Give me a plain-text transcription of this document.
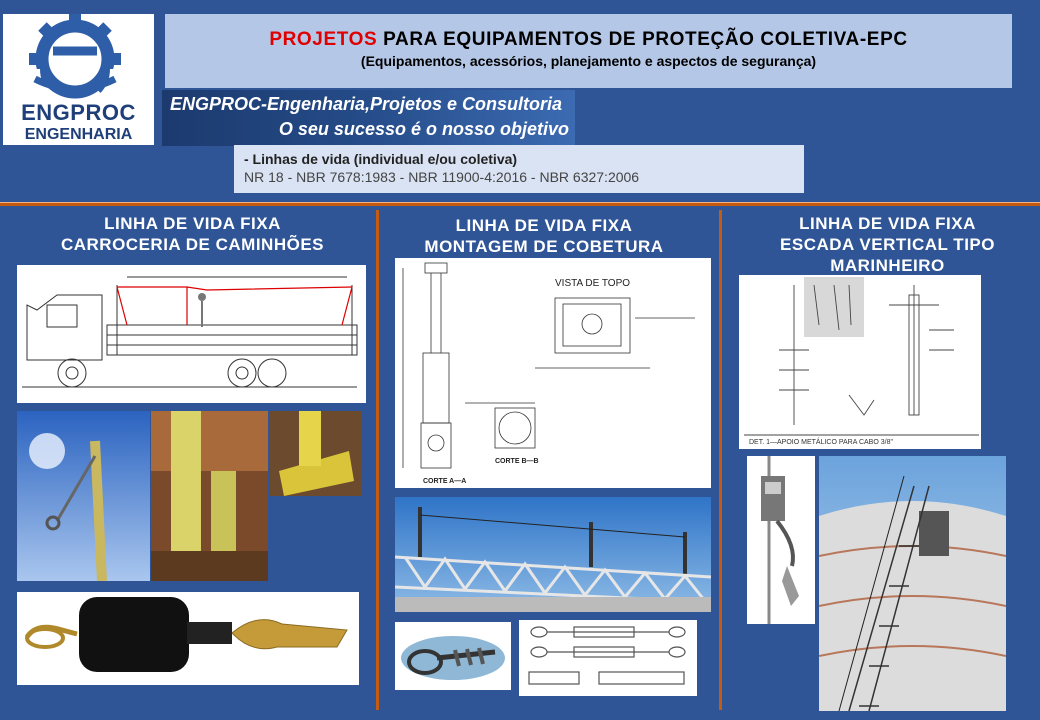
ENGPROC
ENGENHARIA
PROJETOS PARA EQUIPAMENTOS DE PROTEÇÃO COLETIVA-EPC
(Equipamentos, acessórios, planejamento e aspectos de segurança)
ENGPROC-Engenharia,Projetos e Consultoria
O seu sucesso é o nosso objetivo
- Linhas de vida (individual e/ou coletiva)
NR 18 - NBR 7678:1983 - NBR 11900-4:2016 - NBR 6327:2006
LINHA DE VIDA FIXA
CARROCERIA DE CAMINHÕES
LINHA DE VIDA FIXA
MONTAGEM DE COBETURA
LINHA DE VIDA FIXA
ESCADA VERTICAL TIPO
MARINHEIRO
VISTA DE TOPO
CORTE A—A
CORTE B—B
DET. 1—APOIO METÁLICO PARA CABO 3/8"
